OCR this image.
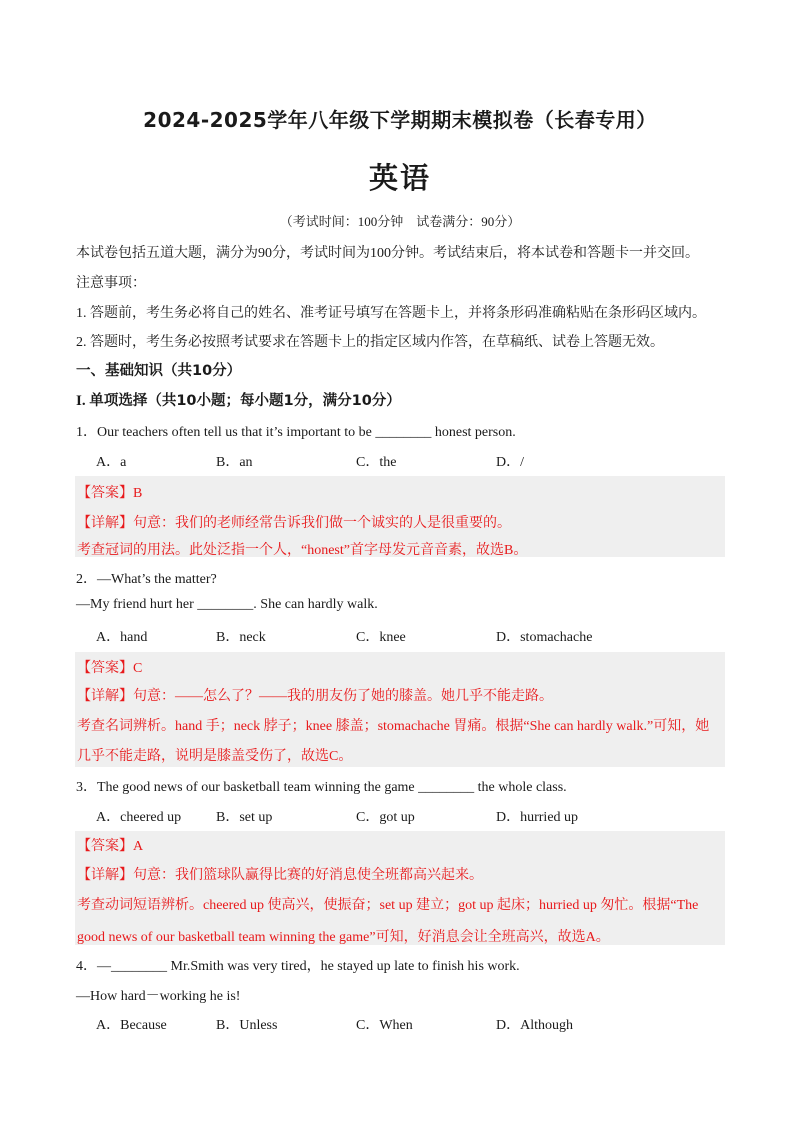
2024-2025学年八年级下学期期末模拟卷（长春专用）
英语
（考试时间：100分钟　试卷满分：90分）
本试卷包括五道大题，满分为90分，考试时间为100分钟。考试结束后，将本试卷和答题卡一并交回。
注意事项：
1. 答题前，考生务必将自己的姓名、准考证号填写在答题卡上，并将条形码准确粘贴在条形码区域内。
2. 答题时，考生务必按照考试要求在答题卡上的指定区域内作答，在草稿纸、试卷上答题无效。
一、基础知识（共10分）
I. 单项选择（共10小题；每小题1分，满分10分）
1．Our teachers often tell us that it’s important to be ________ honest person.
A．a	B．an	C．the	D．/
【答案】B
【详解】句意：我们的老师经常告诉我们做一个诚实的人是很重要的。
考查冠词的用法。此处泛指一个人，“honest”首字母发元音音素，故选B。
2．—What’s the matter?
—My friend hurt her ________. She can hardly walk.
A．hand	B．neck	C．knee	D．stomachache
【答案】C
【详解】句意：——怎么了？——我的朋友伤了她的膝盖。她几乎不能走路。
考查名词辨析。hand 手；neck 脖子；knee 膝盖；stomachache 胃痛。根据“She can hardly walk.”可知，她
几乎不能走路，说明是膝盖受伤了，故选C。
3．The good news of our basketball team winning the game ________ the whole class.
A．cheered up B．set up	C．got up	D．hurried up
【答案】A
【详解】句意：我们篮球队赢得比赛的好消息使全班都高兴起来。
考查动词短语辨析。cheered up 使高兴，使振奋；set up 建立；got up 起床；hurried up 匆忙。根据“The
good news of our basketball team winning the game”可知，好消息会让全班高兴，故选A。
4．—________ Mr.Smith was very tired，he stayed up late to finish his work.
—How hard－working he is!
A．Because	B．Unless	C．When	D．Although
